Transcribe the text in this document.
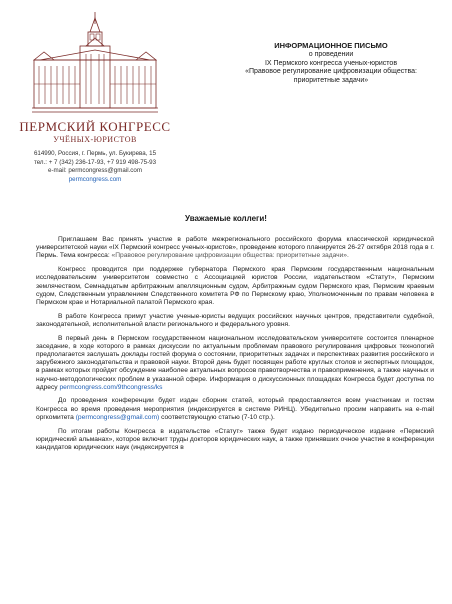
ПЕРМСКИЙ КОНГРЕСС
УЧЁНЫХ-ЮРИСТОВ
614990, Россия, г. Пермь, ул. Букирева, 15
тел.: + 7 (342) 236-17-93, +7 919 498-75-93
e-mail: permcongress@gmail.com
permcongress.com
ИНФОРМАЦИОННОЕ ПИСЬМО
о проведении
IX Пермского конгресса ученых-юристов
«Правовое регулирование цифровизации общества:
приоритетные задачи»
Уважаемые коллеги!

Приглашаем Вас принять участие в работе межрегионального российского форума классической юридической университетской науки «IX Пермский конгресс ученых-юристов», проведение которого планируется 26-27 октября 2018 года в г. Пермь. Тема конгресса: «Правовое регулирование цифровизации общества: приоритетные задачи».

Конгресс проводится при поддержке губернатора Пермского края Пермским государственным национальным исследовательским университетом совместно с Ассоциацией юристов России, издательством «Статут», Пермским землячеством, Семнадцатым арбитражным апелляционным судом, Арбитражным судом Пермского края, Пермским краевым судом, Следственным управлением Следственного комитета РФ по Пермскому краю, Уполномоченным по правам человека в Пермском крае и Нотариальной палатой Пермского края.

В работе Конгресса примут участие ученые-юристы ведущих российских научных центров, представители судебной, законодательной, исполнительной власти регионального и федерального уровня.

В первый день в Пермском государственном национальном исследовательском университете состоится пленарное заседание, в ходе которого в рамках дискуссии по актуальным проблемам правового регулирования цифровых технологий предполагается заслушать доклады гостей форума о состоянии, приоритетных задачах и перспективах развития российского и зарубежного законодательства и правовой науки. Второй день будет посвящен работе круглых столов и экспертных площадок, в рамках которых пройдет обсуждение наиболее актуальных вопросов правотворчества и правоприменения, а также научных и научно-методологических проблем в указанной сфере. Информация о дискуссионных площадках Конгресса будет доступна по адресу permcongress.com/9thcongress/ks

До проведения конференции будет издан сборник статей, который предоставляется всем участникам и гостям Конгресса во время проведения мероприятия (индексируется в системе РИНЦ). Убедительно просим направить на e-mail оргкомитета (permcongress@gmail.com) соответствующую статью (7-10 стр.).

По итогам работы Конгресса в издательстве «Статут» также будет издано периодическое издание «Пермский юридический альманах», которое включит труды докторов юридических наук, а также принявших очное участие в конференции кандидатов юридических наук (индексируется в
